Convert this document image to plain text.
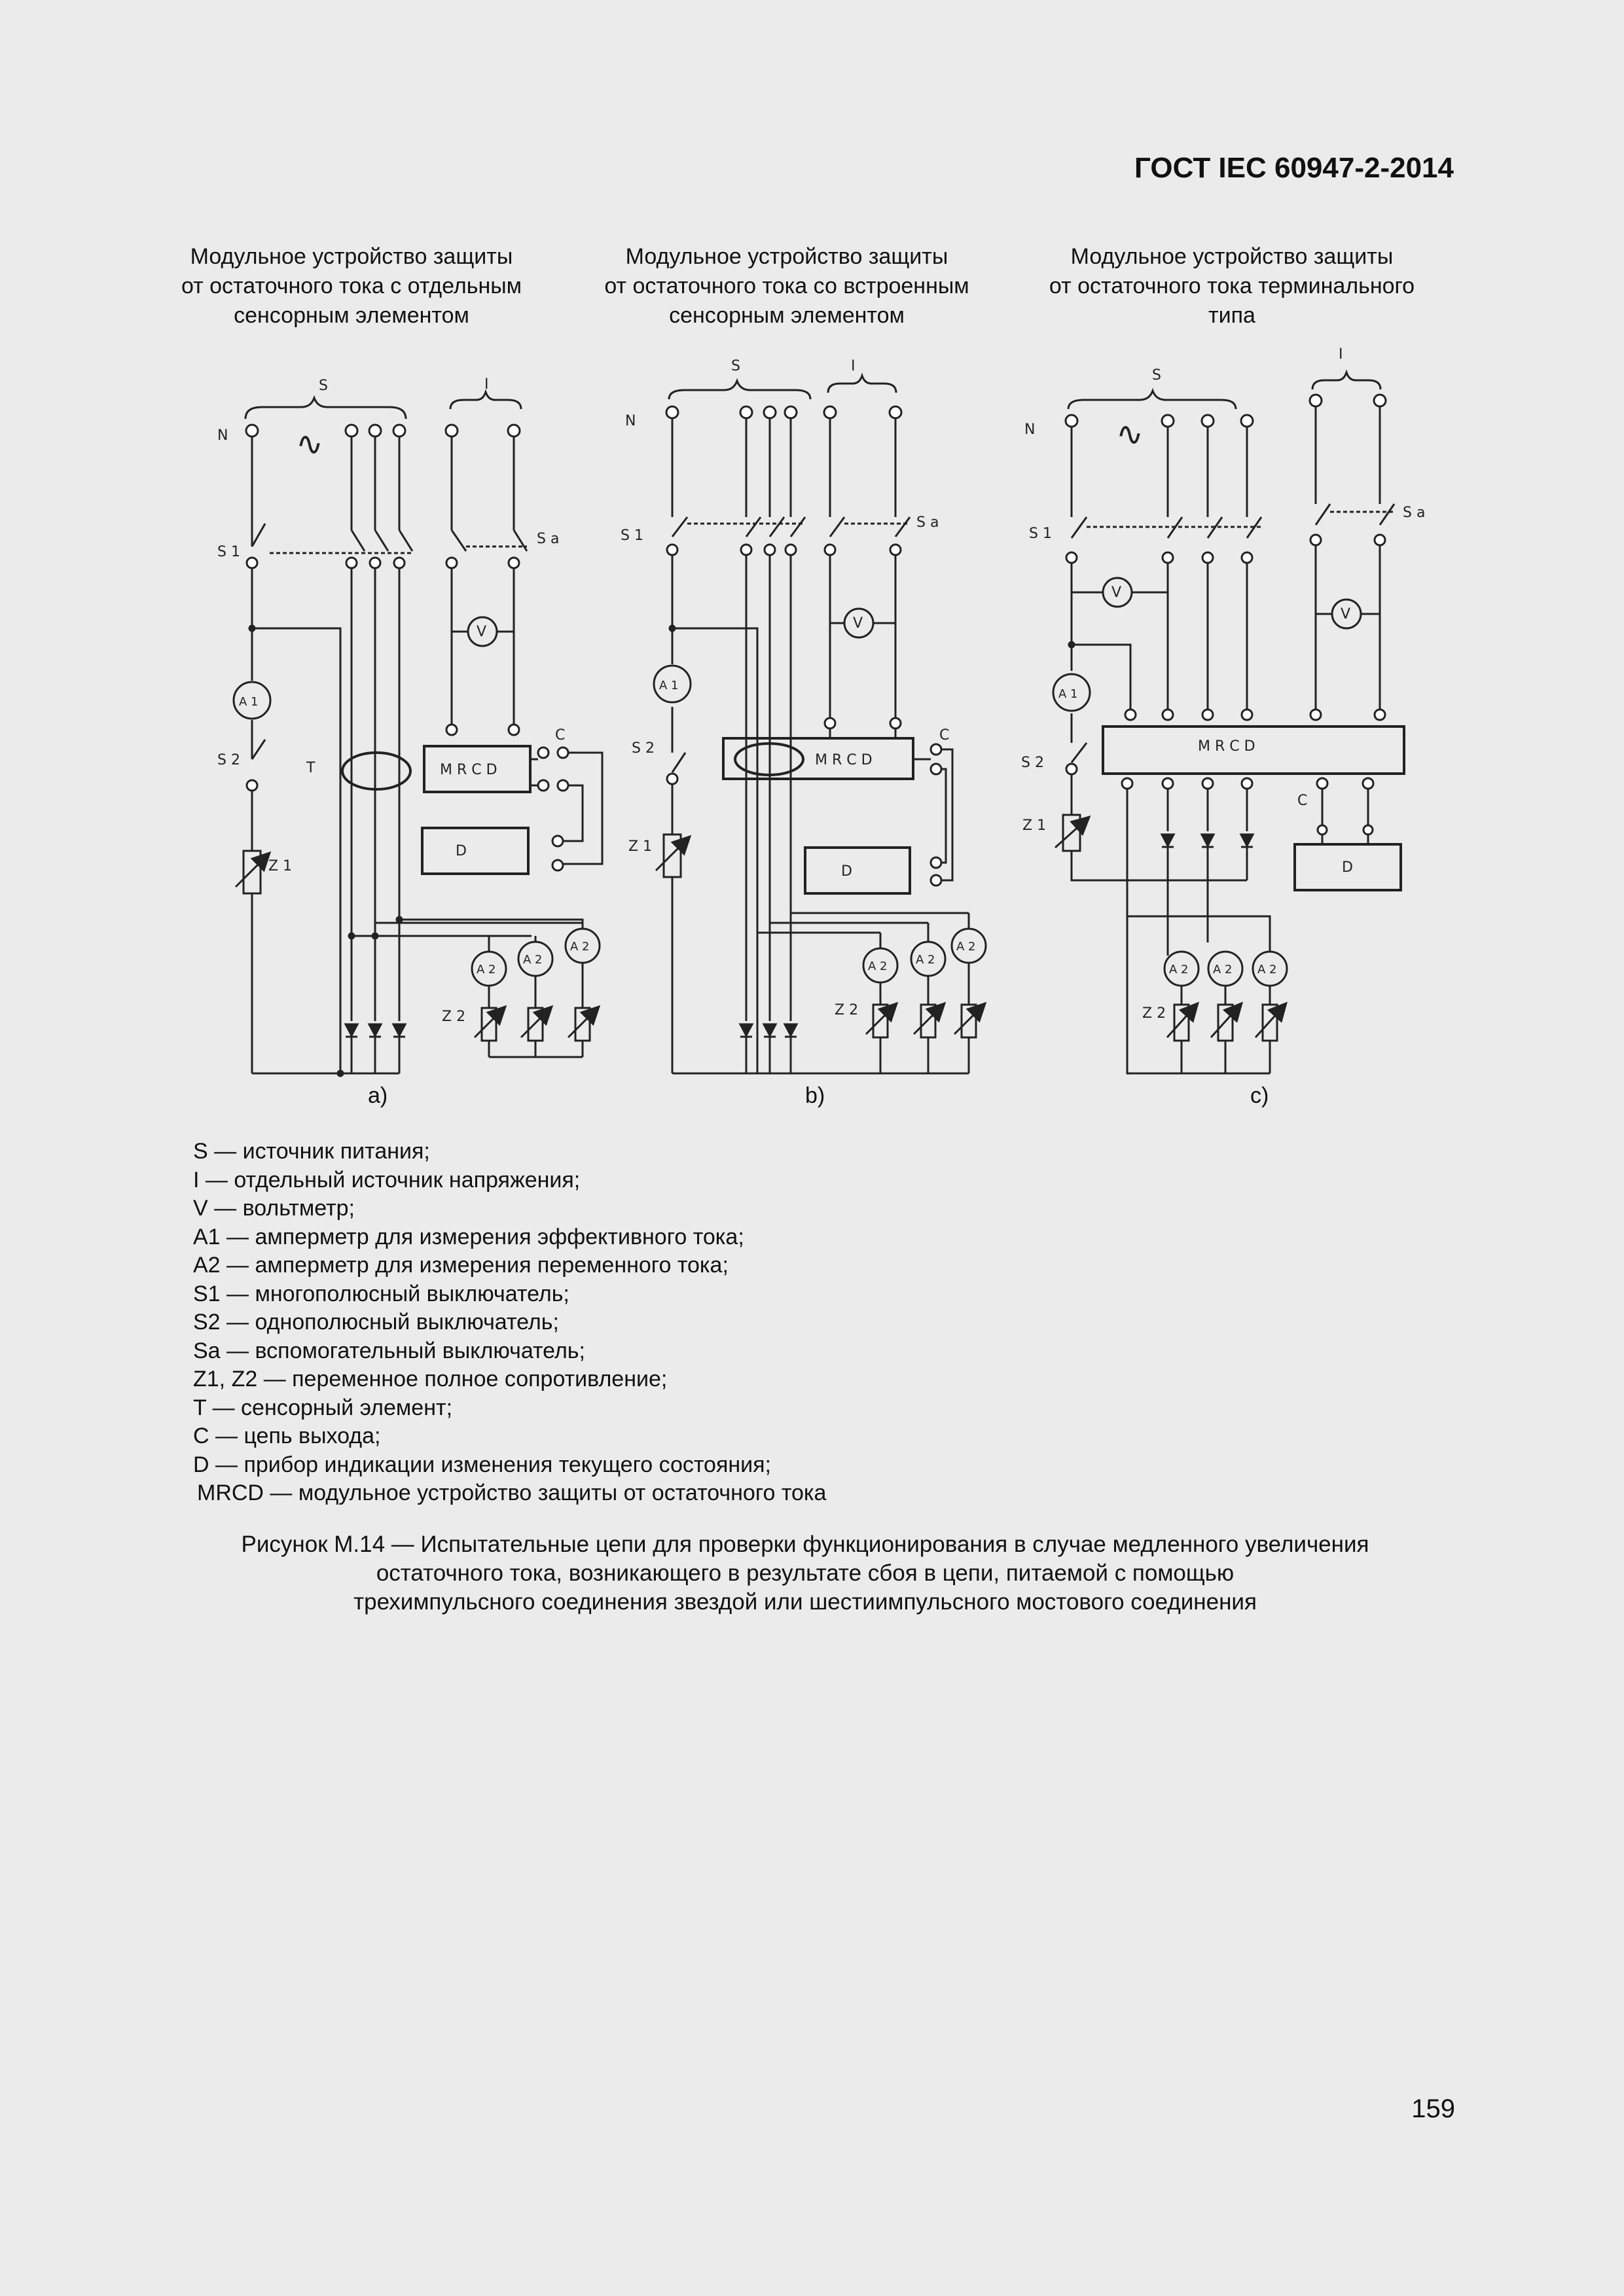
ГОСТ IEC 60947-2-2014
Модульное устройство защиты
от остаточного тока с отдельным
сенсорным элементом
Модульное устройство защиты
от остаточного тока со встроенным
сенсорным элементом
Модульное устройство защиты
от остаточного тока терминального
типа
S	I
N ∿
S 1
S a
V
A 1
S 2	T	M R C D
C
D
Z 1
A 2
A 2
A 2
Z 2
S	I
N
S 1
S a
V
A 1
S 2
M R C D
C
D
Z 1
A 2 A 2
A 2
Z 2
S
I
N ∿
S 1
S a
V
V
A 1
S 2
M R C D
C
D
Z 1
A 2 A 2 A 2
Z 2
a)	b)	c)
S — источник питания;
I — отдельный источник напряжения;
V — вольтметр;
A1 — амперметр для измерения эффективного тока;
A2 — амперметр для измерения переменного тока;
S1 — многополюсный выключатель;
S2 — однополюсный выключатель;
Sa — вспомогательный выключатель;
Z1, Z2 — переменное полное сопротивление;
T — сенсорный элемент;
C — цепь выхода;
D — прибор индикации изменения текущего состояния;
MRCD — модульное устройство защиты от остаточного тока
Рисунок M.14 — Испытательные цепи для проверки функционирования в случае медленного увеличения
остаточного тока, возникающего в результате сбоя в цепи, питаемой с помощью
трехимпульсного соединения звездой или шестиимпульсного мостового соединения
159
